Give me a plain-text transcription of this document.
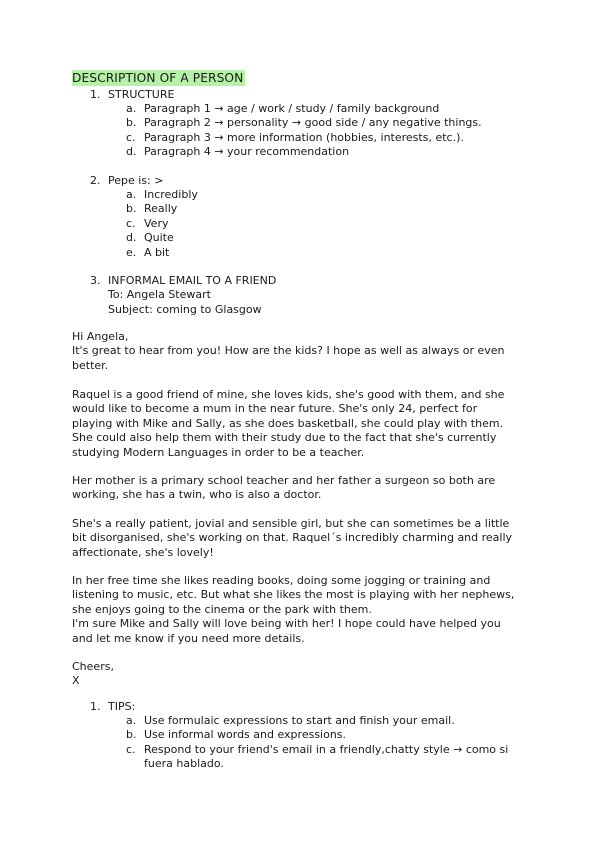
DESCRIPTION OF A PERSON
1. STRUCTURE
a. Paragraph 1 → age / work / study / family background
b. Paragraph 2 → personality → good side / any negative things.
c. Paragraph 3 → more information (hobbies, interests, etc.).
d. Paragraph 4 → your recommendation
2. Pepe is: >
a. Incredibly
b. Really
c. Very
d. Quite
e. A bit
3. INFORMAL EMAIL TO A FRIEND
To: Angela Stewart
Subject: coming to Glasgow
Hi Angela,
It's great to hear from you! How are the kids? I hope as well as always or even
better.
Raquel is a good friend of mine, she loves kids, she's good with them, and she
would like to become a mum in the near future. She's only 24, perfect for
playing with Mike and Sally, as she does basketball, she could play with them.
She could also help them with their study due to the fact that she's currently
studying Modern Languages in order to be a teacher.
Her mother is a primary school teacher and her father a surgeon so both are
working, she has a twin, who is also a doctor.
She's a really patient, jovial and sensible girl, but she can sometimes be a little
bit disorganised, she's working on that. Raquel´s incredibly charming and really
affectionate, she's lovely!
In her free time she likes reading books, doing some jogging or training and
listening to music, etc. But what she likes the most is playing with her nephews,
she enjoys going to the cinema or the park with them.
I'm sure Mike and Sally will love being with her! I hope could have helped you
and let me know if you need more details.
Cheers,
X
1. TIPS:
a. Use formulaic expressions to start and finish your email.
b. Use informal words and expressions.
c. Respond to your friend's email in a friendly,chatty style → como si
fuera hablado.
